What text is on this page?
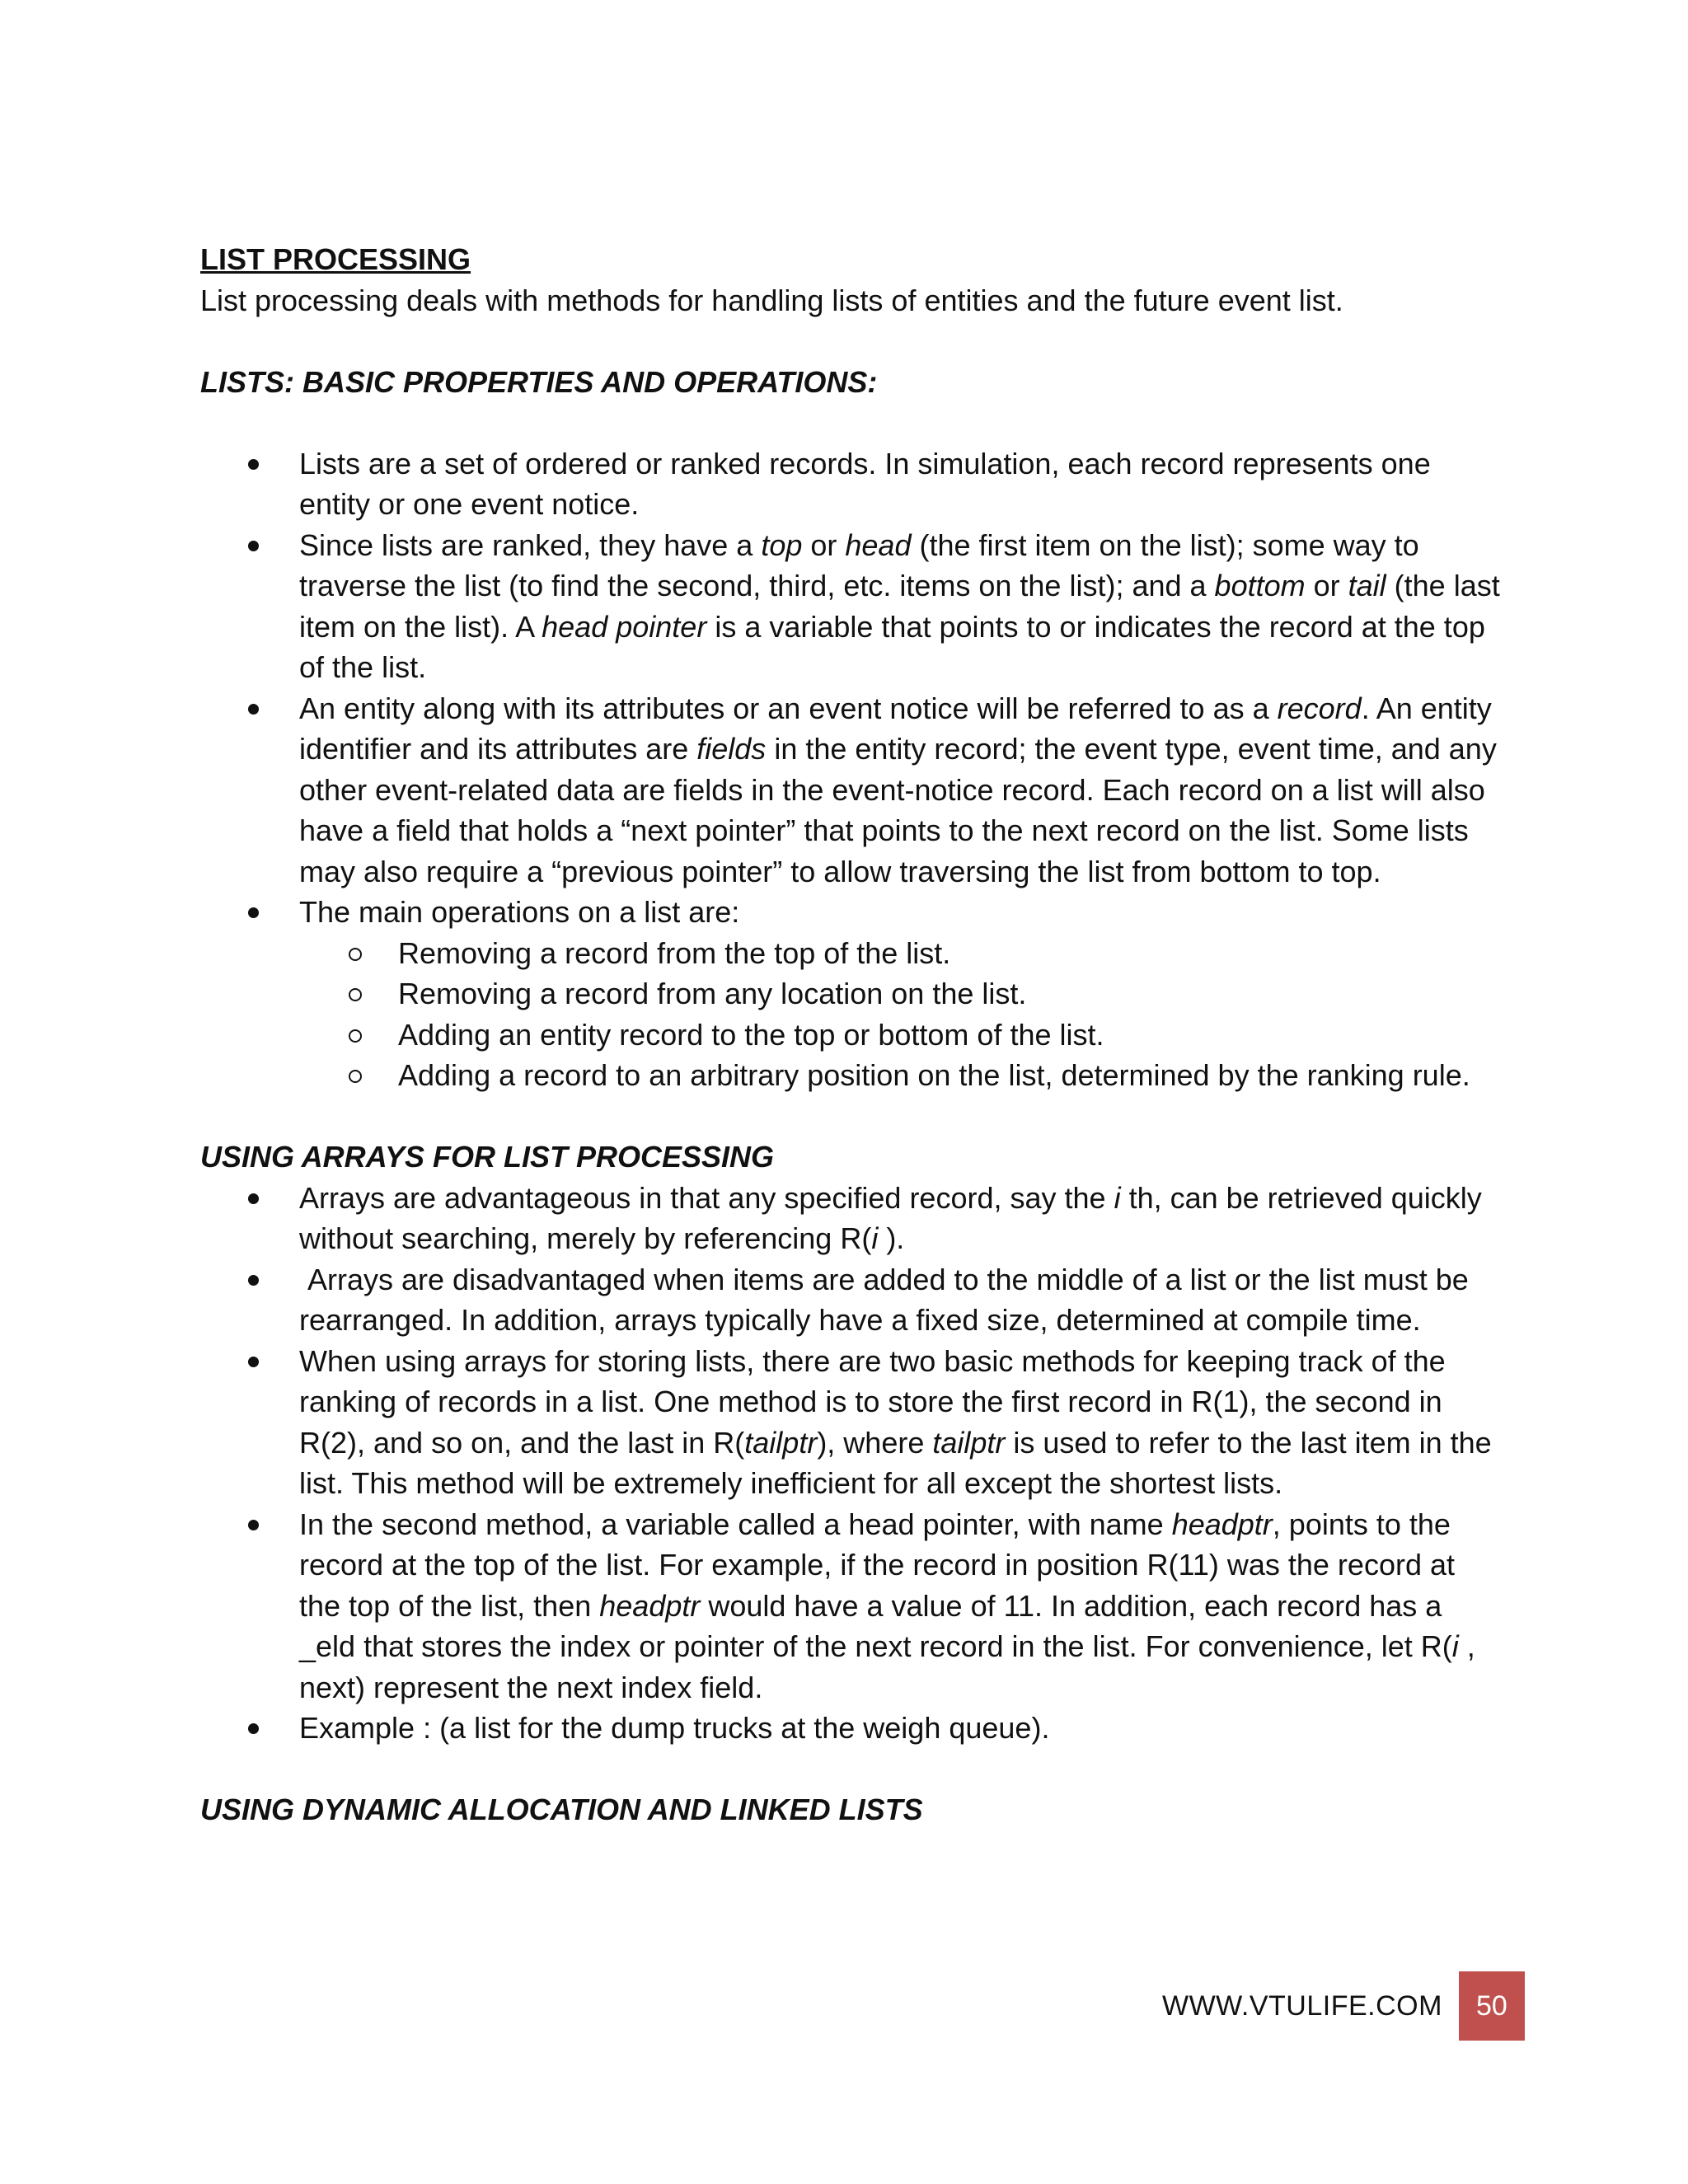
LIST PROCESSING

List processing deals with methods for handling lists of entities and the future event list.

LISTS: BASIC PROPERTIES AND OPERATIONS:

Lists are a set of ordered or ranked records. In simulation, each record represents one entity or one event notice.
Since lists are ranked, they have a top or head (the first item on the list); some way to traverse the list (to find the second, third, etc. items on the list); and a bottom or tail (the last item on the list). A head pointer is a variable that points to or indicates the record at the top of the list.
An entity along with its attributes or an event notice will be referred to as a record. An entity identifier and its attributes are fields in the entity record; the event type, event time, and any other event-related data are fields in the event-notice record. Each record on a list will also have a field that holds a “next pointer” that points to the next record on the list. Some lists may also require a “previous pointer” to allow traversing the list from bottom to top.
The main operations on a list are:
Removing a record from the top of the list.
Removing a record from any location on the list.
Adding an entity record to the top or bottom of the list.
Adding a record to an arbitrary position on the list, determined by the ranking rule.

USING ARRAYS FOR LIST PROCESSING

Arrays are advantageous in that any specified record, say the i th, can be retrieved quickly without searching, merely by referencing R(i ).
Arrays are disadvantaged when items are added to the middle of a list or the list must be rearranged. In addition, arrays typically have a fixed size, determined at compile time.
When using arrays for storing lists, there are two basic methods for keeping track of the ranking of records in a list. One method is to store the first record in R(1), the second in R(2), and so on, and the last in R(tailptr), where tailptr is used to refer to the last item in the list. This method will be extremely inefficient for all except the shortest lists.
In the second method, a variable called a head pointer, with name headptr, points to the record at the top of the list. For example, if the record in position R(11) was the record at the top of the list, then headptr would have a value of 11. In addition, each record has a _eld that stores the index or pointer of the next record in the list. For convenience, let R(i , next) represent the next index field.
Example : (a list for the dump trucks at the weigh queue).

USING DYNAMIC ALLOCATION AND LINKED LISTS

WWW.VTULIFE.COM	50
